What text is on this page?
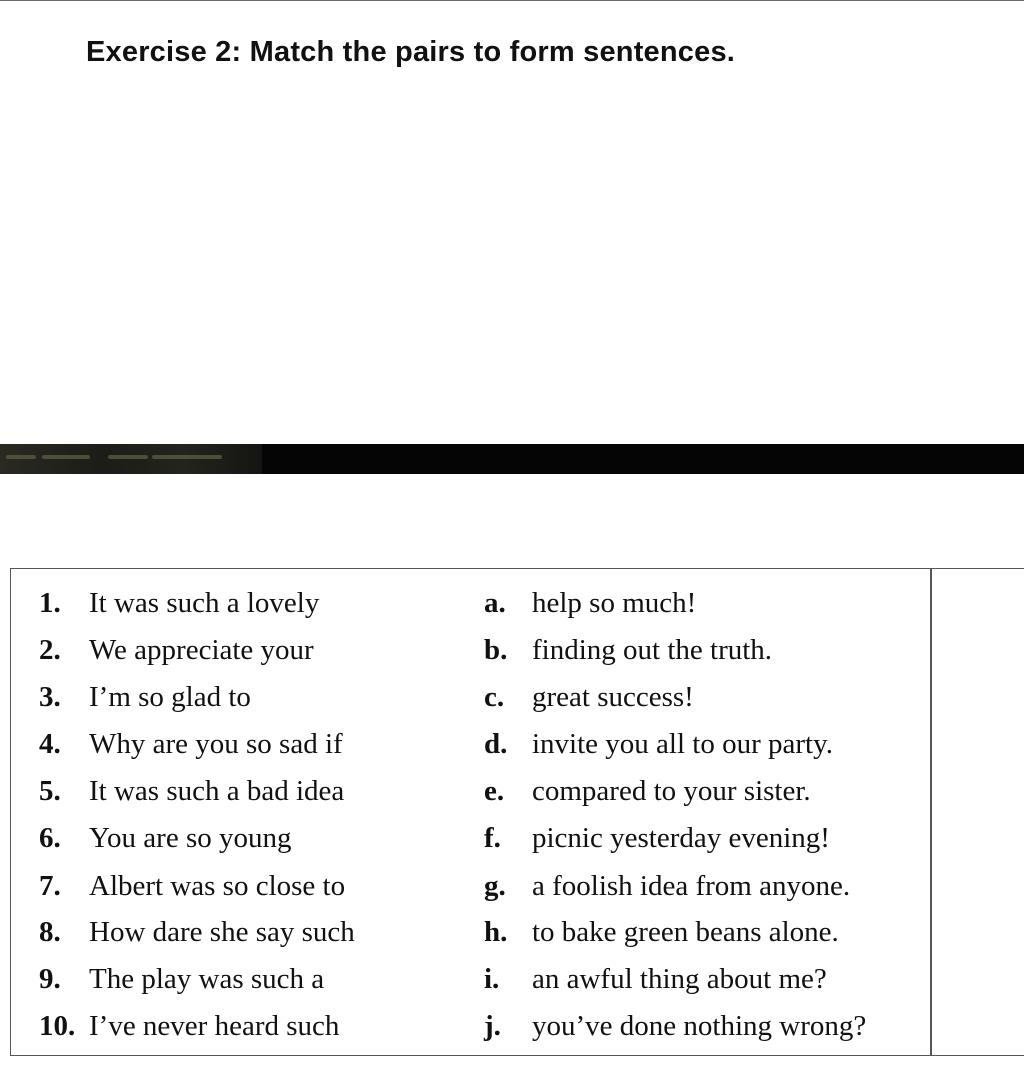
Exercise 2: Match the pairs to form sentences.
1. It was such a lovely	a. help so much!
2. We appreciate your	b. finding out the truth.
3. I’m so glad to	c. great success!
4. Why are you so sad if	d. invite you all to our party.
5. It was such a bad idea	e. compared to your sister.
6. You are so young	f. picnic yesterday evening!
7. Albert was so close to	g. a foolish idea from anyone.
8. How dare she say such	h. to bake green beans alone.
9. The play was such a	i. an awful thing about me?
10. I’ve never heard such	j. you’ve done nothing wrong?
